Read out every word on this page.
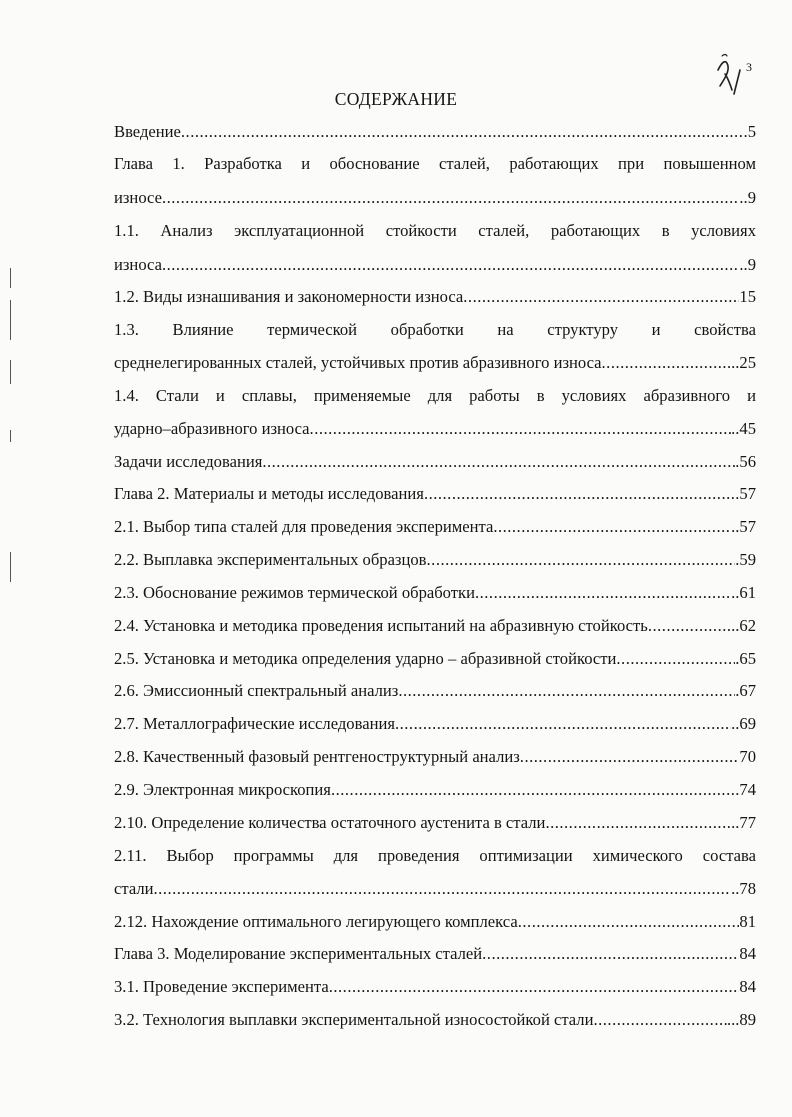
3
СОДЕРЖАНИЕ
Введение .....	.5
Глава 1. Разработка и обоснование сталей, работающих при повышенном
износе .....	..9
1.1. Анализ эксплуатационной стойкости сталей, работающих в условиях
износа .....	..9
1.2. Виды изнашивания и закономерности износа .....	15
1.3. Влияние термической обработки на структуру и свойства
среднелегированных сталей, устойчивых против абразивного износа .....	..25
1.4. Стали и сплавы, применяемые для работы в условиях абразивного и
ударно–абразивного износа .....	..45
Задачи исследования .....	.56
Глава 2. Материалы и методы исследования .....	.57
2.1. Выбор типа сталей для проведения эксперимента .....	..57
2.2. Выплавка экспериментальных образцов .....	.59
2.3. Обоснование режимов термической обработки .....	..61
2.4. Установка и методика проведения испытаний на абразивную стойкость .....	..62
2.5. Установка и методика определения ударно – абразивной стойкости .....	.65
2.6. Эмиссионный спектральный анализ .....	.67
2.7. Металлографические исследования .....	..69
2.8. Качественный фазовый рентгеноструктурный анализ .....	70
2.9. Электронная микроскопия .....	.74
2.10. Определение количества остаточного аустенита в стали .....	..77
2.11. Выбор программы для проведения оптимизации химического состава
стали .....	..78
2.12. Нахождение оптимального легирующего комплекса .....	81
Глава 3. Моделирование экспериментальных сталей .....	84
3.1. Проведение эксперимента .....	84
3.2. Технология выплавки экспериментальной износостойкой стали .....	...89
